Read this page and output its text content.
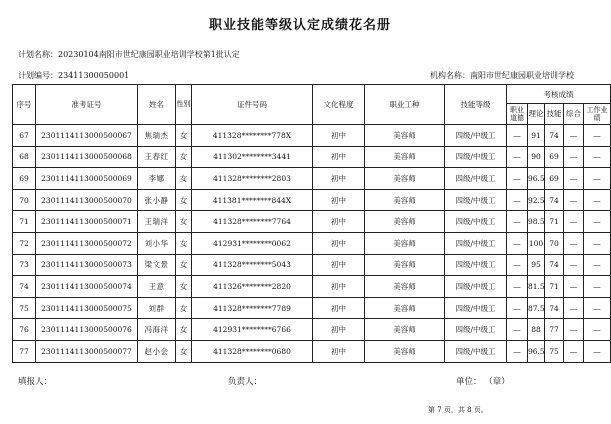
职业技能等级认定成绩花名册
计划名称：20230104南阳市世纪康园职业培训学校第1批认定
计划编号：23411300050001	机构名称：南阳市世纪康园职业培训学校
序号	准考证号	姓名	性别	证件号码	文化程度	职业工种	技能等级	考核成绩				
								职业道德	理论	技能	综合	工作业绩
67	2301114113000500067	焦瑞杰	女	411328********778X	初中	美容师	四级/中级工	—	91	74	—	—
68	2301114113000500068	王春红	女	411302********3441	初中	美容师	四级/中级工	—	90	69	—	—
69	2301114113000500069	李娜	女	411328********2803	初中	美容师	四级/中级工	—	96.5	69	—	—
70	2301114113000500070	张小静	女	411381********844X	初中	美容师	四级/中级工	—	92.5	74	—	—
71	2301114113000500071	王瑞洋	女	411328********7764	初中	美容师	四级/中级工	—	98.5	71	—	—
72	2301114113000500072	刘小华	女	412931********0062	初中	美容师	四级/中级工	—	100	70	—	—
73	2301114113000500073	梁文景	女	411328********5043	初中	美容师	四级/中级工	—	95	74	—	—
74	2301114113000500074	王意	女	411326********2820	初中	美容师	四级/中级工	—	81.5	71	—	—
75	2301114113000500075	刘群	女	411328********7789	初中	美容师	四级/中级工	—	87.5	74	—	—
76	2301114113000500076	冯海洋	女	412931********6766	初中	美容师	四级/中级工	—	88	77	—	—
77	2301114113000500077	赵小会	女	411328********0680	初中	美容师	四级/中级工	—	96.5	75	—	—
填报人：	负责人：	单位： （章）
第 7 页，共 8 页。
